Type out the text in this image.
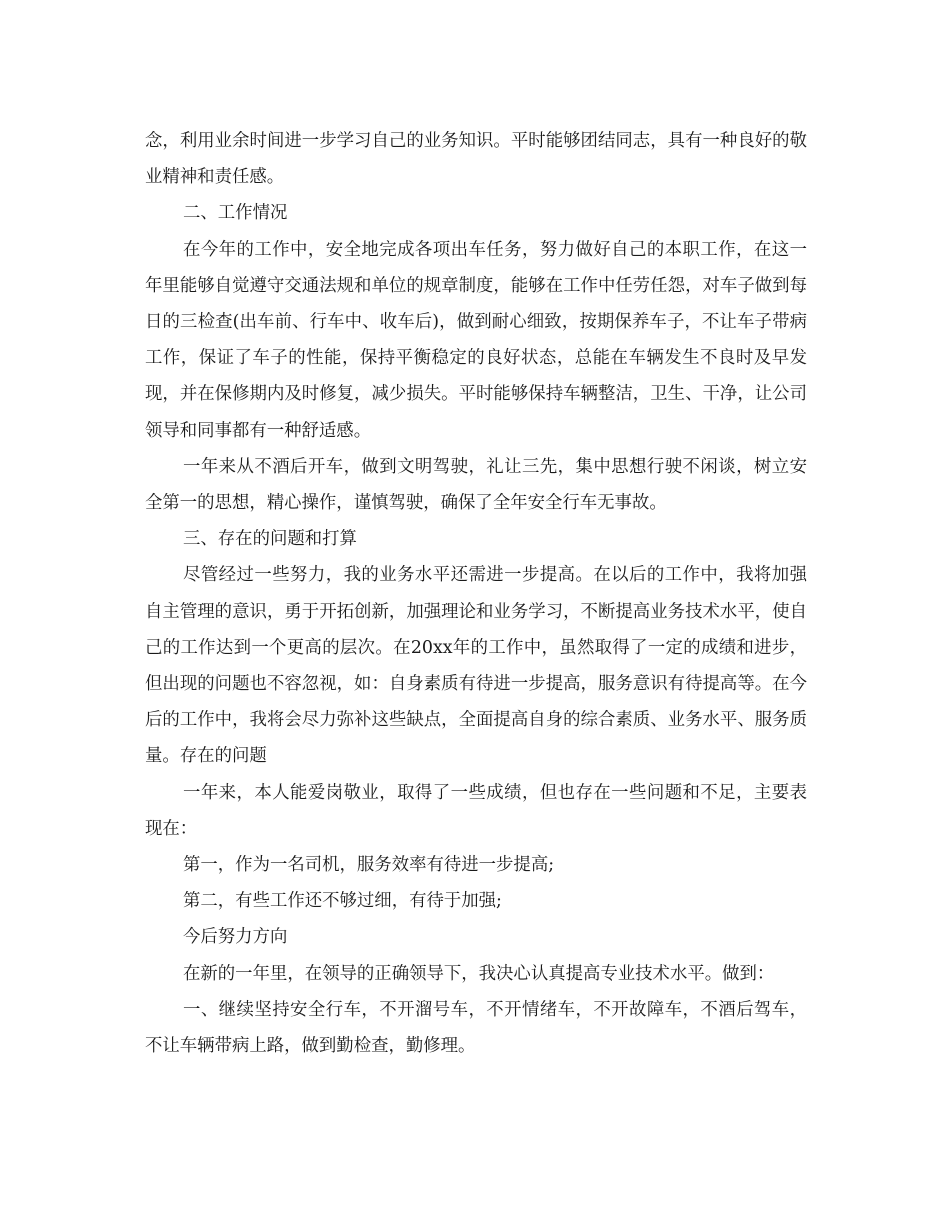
念，利用业余时间进一步学习自己的业务知识。平时能够团结同志，具有一种良好的敬业精神和责任感。

二、工作情况

在今年的工作中，安全地完成各项出车任务，努力做好自己的本职工作，在这一年里能够自觉遵守交通法规和单位的规章制度，能够在工作中任劳任怨，对车子做到每日的三检查(出车前、行车中、收车后)，做到耐心细致，按期保养车子，不让车子带病工作，保证了车子的性能，保持平衡稳定的良好状态，总能在车辆发生不良时及早发现，并在保修期内及时修复，减少损失。平时能够保持车辆整洁，卫生、干净，让公司领导和同事都有一种舒适感。

一年来从不酒后开车，做到文明驾驶，礼让三先，集中思想行驶不闲谈，树立安全第一的思想，精心操作，谨慎驾驶，确保了全年安全行车无事故。

三、存在的问题和打算

尽管经过一些努力，我的业务水平还需进一步提高。在以后的工作中，我将加强自主管理的意识，勇于开拓创新，加强理论和业务学习，不断提高业务技术水平，使自己的工作达到一个更高的层次。在20xx年的工作中，虽然取得了一定的成绩和进步，但出现的问题也不容忽视，如：自身素质有待进一步提高，服务意识有待提高等。在今后的工作中，我将会尽力弥补这些缺点，全面提高自身的综合素质、业务水平、服务质量。存在的问题

一年来，本人能爱岗敬业，取得了一些成绩，但也存在一些问题和不足，主要表现在：

第一，作为一名司机，服务效率有待进一步提高;

第二，有些工作还不够过细，有待于加强;

今后努力方向

在新的一年里，在领导的正确领导下，我决心认真提高专业技术水平。做到：

一、继续坚持安全行车，不开溜号车，不开情绪车，不开故障车，不酒后驾车，不让车辆带病上路，做到勤检查，勤修理。
